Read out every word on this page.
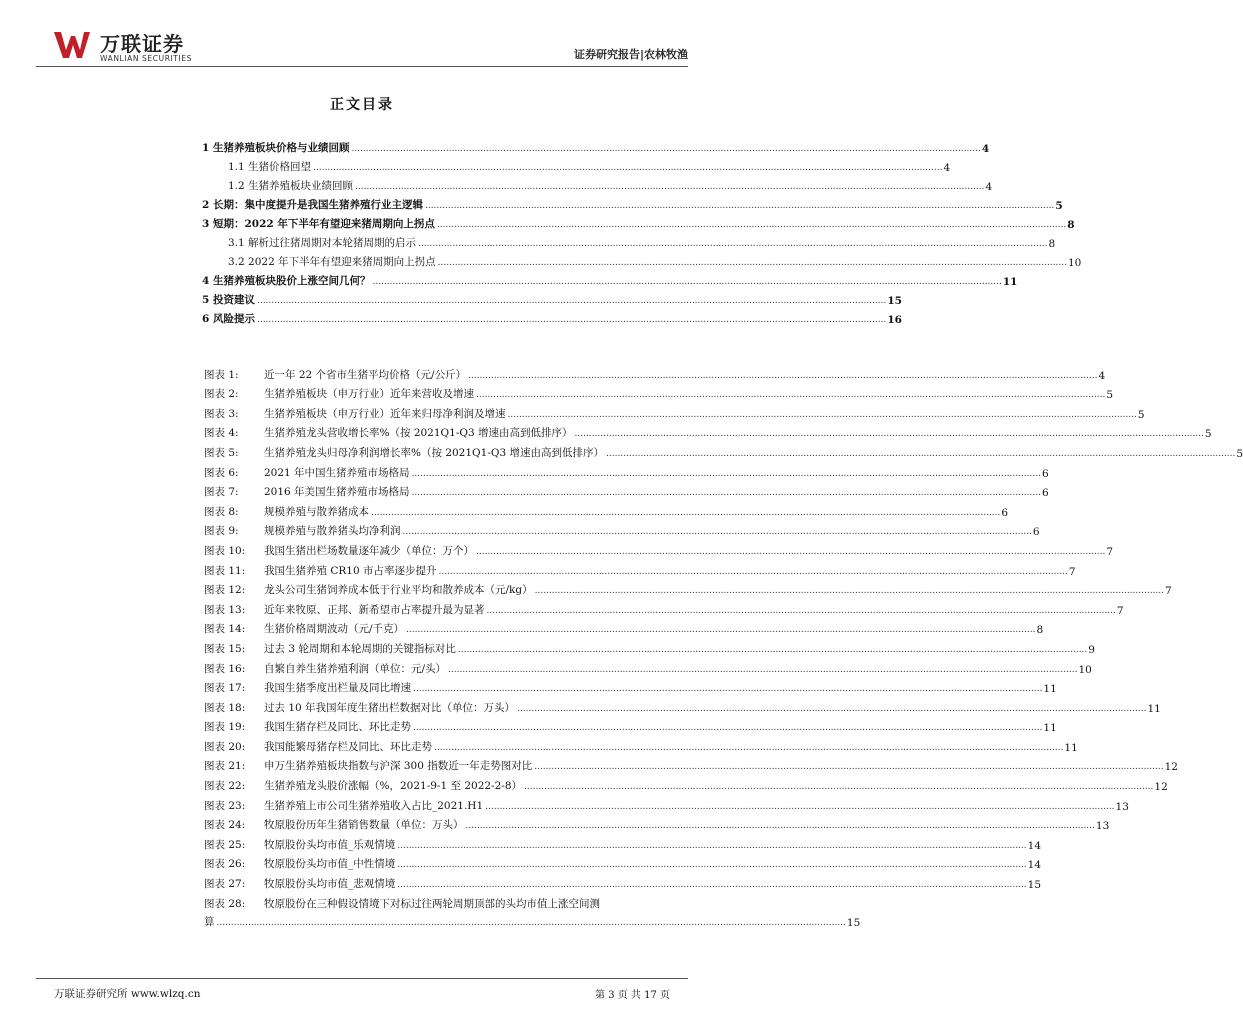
万联证券
WANLIAN SECURITIES	证券研究报告|农林牧渔
正文目录
1 生猪养殖板块价格与业绩回顾 ............................................................................................................................................................................................................................ 4
1.1 生猪价格回望 ............................................................................................................................................................................................................................ 4
1.2 生猪养殖板块业绩回顾 ............................................................................................................................................................................................................................ 4
2 长期：集中度提升是我国生猪养殖行业主逻辑 ............................................................................................................................................................................................................................ 5
3 短期：2022 年下半年有望迎来猪周期向上拐点 ............................................................................................................................................................................................................................ 8
3.1 解析过往猪周期对本轮猪周期的启示 ............................................................................................................................................................................................................................ 8
3.2 2022 年下半年有望迎来猪周期向上拐点 ............................................................................................................................................................................................................................ 10
4 生猪养殖板块股价上涨空间几何？ ............................................................................................................................................................................................................................ 11
5 投资建议 ............................................................................................................................................................................................................................ 15
6 风险提示 ............................................................................................................................................................................................................................ 16
图表 1:	近一年 22 个省市生猪平均价格（元/公斤） ............................................................................................................................................................................................................................ 4
图表 2:	生猪养殖板块（申万行业）近年来营收及增速 ............................................................................................................................................................................................................................ 5
图表 3:	生猪养殖板块（申万行业）近年来归母净利润及增速 ............................................................................................................................................................................................................................ 5
图表 4:	生猪养殖龙头营收增长率%（按 2021Q1-Q3 增速由高到低排序） ............................................................................................................................................................................................................................ 5
图表 5:	生猪养殖龙头归母净利润增长率%（按 2021Q1-Q3 增速由高到低排序） ............................................................................................................................................................................................................................ 5
图表 6:	2021 年中国生猪养殖市场格局 ............................................................................................................................................................................................................................ 6
图表 7:	2016 年美国生猪养殖市场格局 ............................................................................................................................................................................................................................ 6
图表 8:	规模养殖与散养猪成本 ............................................................................................................................................................................................................................ 6
图表 9:	规模养殖与散养猪头均净利润 ............................................................................................................................................................................................................................ 6
图表 10:	我国生猪出栏场数量逐年减少（单位：万个） ............................................................................................................................................................................................................................ 7
图表 11:	我国生猪养殖 CR10 市占率逐步提升 ............................................................................................................................................................................................................................ 7
图表 12:	龙头公司生猪饲养成本低于行业平均和散养成本（元/kg） ............................................................................................................................................................................................................................ 7
图表 13:	近年来牧原、正邦、新希望市占率提升最为显著 ............................................................................................................................................................................................................................ 7
图表 14:	生猪价格周期波动（元/千克） ............................................................................................................................................................................................................................ 8
图表 15:	过去 3 轮周期和本轮周期的关键指标对比 ............................................................................................................................................................................................................................ 9
图表 16:	自繁自养生猪养殖利润（单位：元/头） ............................................................................................................................................................................................................................ 10
图表 17:	我国生猪季度出栏量及同比增速 ............................................................................................................................................................................................................................ 11
图表 18:	过去 10 年我国年度生猪出栏数据对比（单位：万头） ............................................................................................................................................................................................................................ 11
图表 19:	我国生猪存栏及同比、环比走势 ............................................................................................................................................................................................................................ 11
图表 20:	我国能繁母猪存栏及同比、环比走势 ............................................................................................................................................................................................................................ 11
图表 21:	申万生猪养殖板块指数与沪深 300 指数近一年走势图对比 ............................................................................................................................................................................................................................ 12
图表 22:	生猪养殖龙头股价涨幅（%，2021-9-1 至 2022-2-8） ............................................................................................................................................................................................................................ 12
图表 23:	生猪养殖上市公司生猪养殖收入占比_2021.H1 ............................................................................................................................................................................................................................ 13
图表 24:	牧原股份历年生猪销售数量（单位：万头） ............................................................................................................................................................................................................................ 13
图表 25:	牧原股份头均市值_乐观情境 ............................................................................................................................................................................................................................ 14
图表 26:	牧原股份头均市值_中性情境 ............................................................................................................................................................................................................................ 14
图表 27:	牧原股份头均市值_悲观情境 ............................................................................................................................................................................................................................ 15
图表 28:	牧原股份在三种假设情境下对标过往两轮周期顶部的头均市值上涨空间测
算 ............................................................................................................................................................................................................................ 15
万联证券研究所 www.wlzq.cn	第 3 页 共 17 页
